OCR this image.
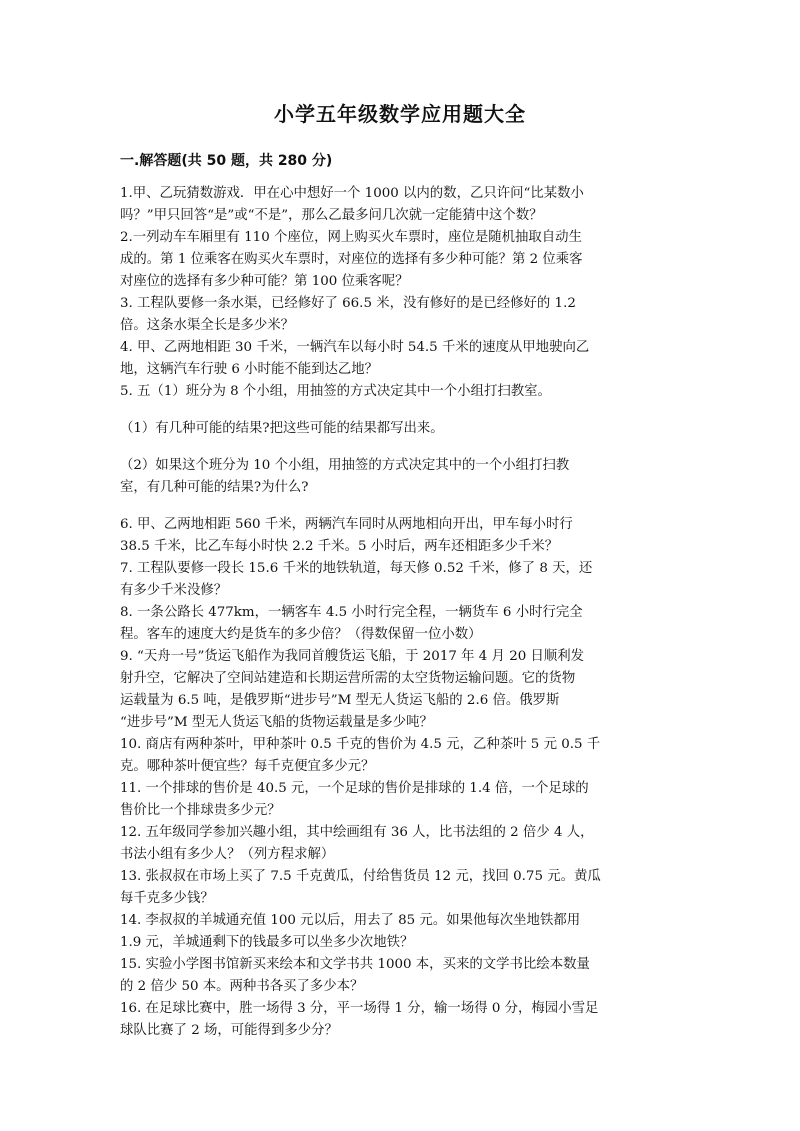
小学五年级数学应用题大全
一.解答题(共 50 题，共 280 分)
1.甲、乙玩猜数游戏．甲在心中想好一个 1000 以内的数，乙只许问“比某数小
吗？”甲只回答“是”或“不是”，那么乙最多问几次就一定能猜中这个数？
2.一列动车车厢里有 110 个座位，网上购买火车票时，座位是随机抽取自动生
成的。第 1 位乘客在购买火车票时，对座位的选择有多少种可能？第 2 位乘客
对座位的选择有多少种可能？第 100 位乘客呢？
3. 工程队要修一条水渠，已经修好了 66.5 米，没有修好的是已经修好的 1.2
倍。这条水渠全长是多少米？
4. 甲、乙两地相距 30 千米，一辆汽车以每小时 54.5 千米的速度从甲地驶向乙
地，这辆汽车行驶 6 小时能不能到达乙地？
5. 五（1）班分为 8 个小组，用抽签的方式决定其中一个小组打扫教室。
（1）有几种可能的结果?把这些可能的结果都写出来。
（2）如果这个班分为 10 个小组，用抽签的方式决定其中的一个小组打扫教
室，有几种可能的结果?为什么?
6. 甲、乙两地相距 560 千米，两辆汽车同时从两地相向开出，甲车每小时行
38.5 千米，比乙车每小时快 2.2 千米。5 小时后，两车还相距多少千米？
7. 工程队要修一段长 15.6 千米的地铁轨道，每天修 0.52 千米，修了 8 天，还
有多少千米没修？
8. 一条公路长 477km，一辆客车 4.5 小时行完全程，一辆货车 6 小时行完全
程。客车的速度大约是货车的多少倍？（得数保留一位小数）
9. “天舟一号”货运飞船作为我同首艘货运飞船，于 2017 年 4 月 20 日顺利发
射升空，它解决了空间站建造和长期运营所需的太空货物运输问题。它的货物
运载量为 6.5 吨，是俄罗斯“进步号”M 型无人货运飞船的 2.6 倍。俄罗斯
“进步号”M 型无人货运飞船的货物运载量是多少吨？
10. 商店有两种茶叶，甲种茶叶 0.5 千克的售价为 4.5 元，乙种茶叶 5 元 0.5 千
克。哪种茶叶便宜些？每千克便宜多少元？
11. 一个排球的售价是 40.5 元，一个足球的售价是排球的 1.4 倍，一个足球的
售价比一个排球贵多少元？
12. 五年级同学参加兴趣小组，其中绘画组有 36 人，比书法组的 2 倍少 4 人，
书法小组有多少人？（列方程求解）
13. 张叔叔在市场上买了 7.5 千克黄瓜，付给售货员 12 元，找回 0.75 元。黄瓜
每千克多少钱？
14. 李叔叔的羊城通充值 100 元以后，用去了 85 元。如果他每次坐地铁都用
1.9 元，羊城通剩下的钱最多可以坐多少次地铁？
15. 实验小学图书馆新买来绘本和文学书共 1000 本，买来的文学书比绘本数量
的 2 倍少 50 本。两种书各买了多少本？
16. 在足球比赛中，胜一场得 3 分，平一场得 1 分，输一场得 0 分，梅园小雪足
球队比赛了 2 场，可能得到多少分？
